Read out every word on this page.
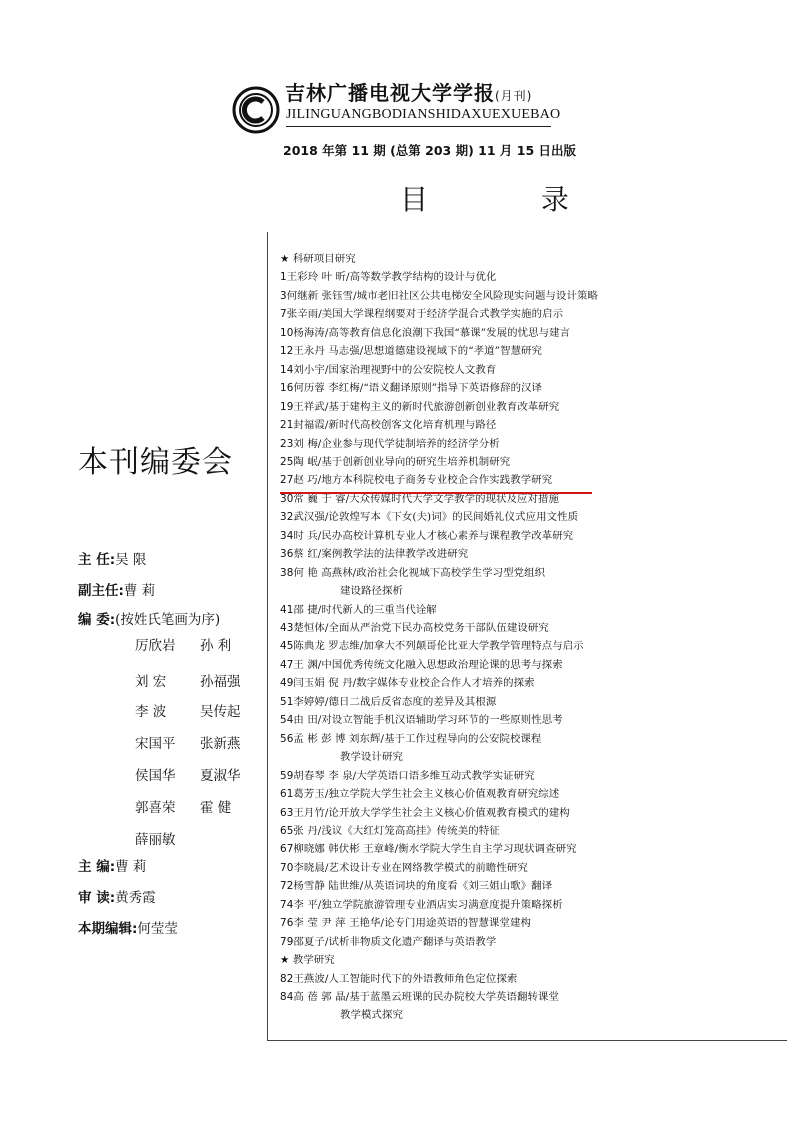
吉林广播电视大学学报(月刊)
JILINGUANGBODIANSHIDAXUEXUEBAO
2018 年第 11 期 (总第 203 期) 11 月 15 日出版
目 录
本刊编委会
主 任:吴 限
副主任:曹 莉
编 委:(按姓氏笔画为序)
厉欣岩 孙 利
刘 宏 孙福强
李 波 吴传起
宋国平 张新燕
侯国华 夏淑华
郭喜荣 霍 健
薛丽敏
主 编:曹 莉
审 读:黄秀霞
本期编辑:何莹莹
★ 科研项目研究
1王彩玲 叶 昕/高等数学教学结构的设计与优化
3何继新 张钰雪/城市老旧社区公共电梯安全风险现实问题与设计策略
7张辛雨/美国大学课程纲要对于经济学混合式教学实施的启示
10杨海涛/高等教育信息化浪潮下我国“慕课”发展的忧思与建言
12王永丹 马志强/思想道德建设视域下的“孝道”智慧研究
14刘小宇/国家治理视野中的公安院校人文教育
16何历蓉 李红梅/“语义翻译原则”指导下英语修辞的汉译
19王祥武/基于建构主义的新时代旅游创新创业教育改革研究
21封福霞/新时代高校创客文化培育机理与路径
23刘 梅/企业参与现代学徒制培养的经济学分析
25陶 岷/基于创新创业导向的研究生培养机制研究
27赵 巧/地方本科院校电子商务专业校企合作实践教学研究
30常 巍 于 睿/大众传媒时代大学文学教学的现状及应对措施
32武汉强/论敦煌写本《下女(夫)词》的民间婚礼仪式应用文性质
34时 兵/民办高校计算机专业人才核心素养与课程教学改革研究
36蔡 红/案例教学法的法律教学改进研究
38何 艳 高燕林/政治社会化视域下高校学生学习型党组织
建设路径探析
41邵 捷/时代新人的三重当代诠解
43楚恒体/全面从严治党下民办高校党务干部队伍建设研究
45陈典龙 罗志维/加拿大不列颠哥伦比亚大学教学管理特点与启示
47王 渊/中国优秀传统文化融入思想政治理论课的思考与探索
49闫玉娟 倪 丹/数字媒体专业校企合作人才培养的探索
51李婷婷/德日二战后反省态度的差异及其根源
54由 田/对设立智能手机汉语辅助学习环节的一些原则性思考
56孟 彬 彭 博 刘东辉/基于工作过程导向的公安院校课程
教学设计研究
59胡春琴 李 泉/大学英语口语多维互动式教学实证研究
61葛芳玉/独立学院大学生社会主义核心价值观教育研究综述
63王月竹/论开放大学学生社会主义核心价值观教育模式的建构
65张 丹/浅议《大红灯笼高高挂》传统美的特征
67柳晓娜 韩伏彬 王章峰/衡水学院大学生自主学习现状调查研究
70李晓晨/艺术设计专业在网络教学模式的前瞻性研究
72杨雪静 陆世维/从英语词块的角度看《刘三姐山歌》翻译
74李 平/独立学院旅游管理专业酒店实习满意度提升策略探析
76李 莹 尹 萍 王艳华/论专门用途英语的智慧课堂建构
79邵夏子/试析非物质文化遗产翻译与英语教学
★ 教学研究
82王燕波/人工智能时代下的外语教师角色定位探索
84高 蓓 郭 晶/基于蓝墨云班课的民办院校大学英语翻转课堂
教学模式探究
